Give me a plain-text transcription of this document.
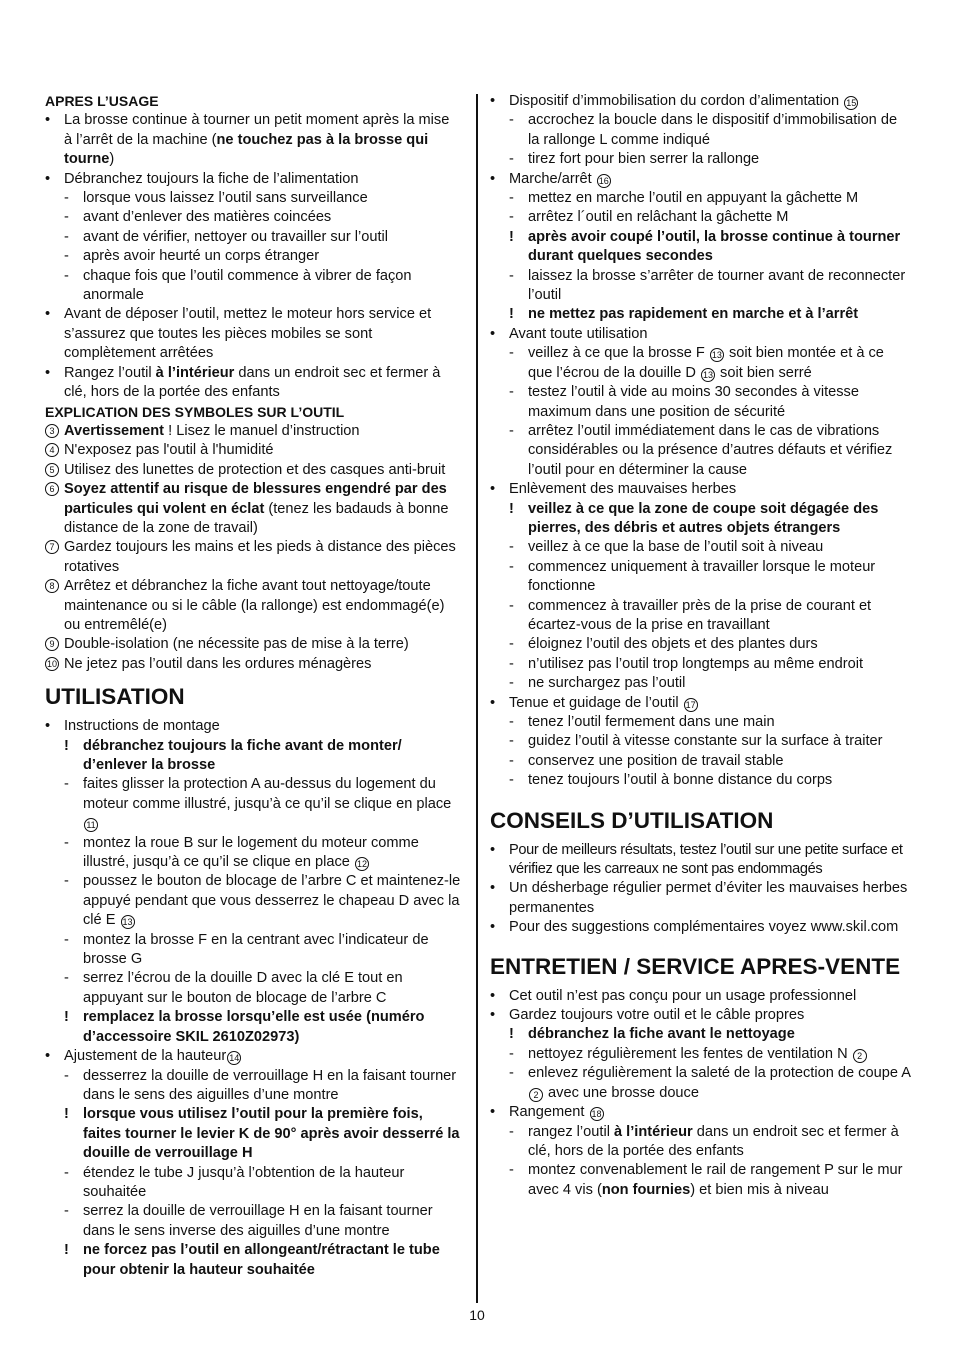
APRES L’USAGE
• La brosse continue à tourner un petit moment après la mise à l’arrêt de la machine (ne touchez pas à la brosse qui tourne)
• Débranchez toujours la fiche de l’alimentation
- lorsque vous laissez l’outil sans surveillance
- avant d’enlever des matières coincées
- avant de vérifier, nettoyer ou travailler sur l’outil
- après avoir heurté un corps étranger
- chaque fois que l’outil commence à vibrer de façon anormale
• Avant de déposer l’outil, mettez le moteur hors service et s’assurez que toutes les pièces mobiles se sont complètement arrêtées
• Rangez l’outil à l’intérieur dans un endroit sec et fermer à clé, hors de la portée des enfants
EXPLICATION DES SYMBOLES SUR L’OUTIL
3 Avertissement ! Lisez le manuel d’instruction
4 N'exposez pas l'outil à l'humidité
5 Utilisez des lunettes de protection et des casques anti-bruit
6 Soyez attentif au risque de blessures engendré par des particules qui volent en éclat (tenez les badauds à bonne distance de la zone de travail)
7 Gardez toujours les mains et les pieds à distance des pièces rotatives
8 Arrêtez et débranchez la fiche avant tout nettoyage/toute maintenance ou si le câble (la rallonge) est endommagé(e) ou entremêlé(e)
9 Double-isolation (ne nécessite pas de mise à la terre)
10 Ne jetez pas l’outil dans les ordures ménagères
UTILISATION
• Instructions de montage
! débranchez toujours la fiche avant de monter/ d’enlever la brosse
- faites glisser la protection A au-dessus du logement du moteur comme illustré, jusqu’à ce qu’il se clique en place 11
- montez la roue B sur le logement du moteur comme illustré, jusqu’à ce qu’il se clique en place 12
- poussez le bouton de blocage de l’arbre C et maintenez-le appuyé pendant que vous desserrez le chapeau D avec la clé E 13
- montez la brosse F en la centrant avec l’indicateur de brosse G
- serrez l’écrou de la douille D avec la clé E tout en appuyant sur le bouton de blocage de l’arbre C
! remplacez la brosse lorsqu’elle est usée (numéro d’accessoire SKIL 2610Z02973)
• Ajustement de la hauteur 14
- desserrez la douille de verrouillage H en la faisant tourner dans le sens des aiguilles d’une montre
! lorsque vous utilisez l’outil pour la première fois, faites tourner le levier K de 90° après avoir desserré la douille de verrouillage H
- étendez le tube J jusqu’à l’obtention de la hauteur souhaitée
- serrez la douille de verrouillage H en la faisant tourner dans le sens inverse des aiguilles d’une montre
! ne forcez pas l’outil en allongeant/rétractant le tube pour obtenir la hauteur souhaitée
• Dispositif d’immobilisation du cordon d’alimentation 15
- accrochez la boucle dans le dispositif d’immobilisation de la rallonge L comme indiqué
- tirez fort pour bien serrer la rallonge
• Marche/arrêt 16
- mettez en marche l’outil en appuyant la gâchette M
- arrêtez l´outil en relâchant la gâchette M
! après avoir coupé l’outil, la brosse continue à tourner durant quelques secondes
- laissez la brosse s’arrêter de tourner avant de reconnecter l’outil
! ne mettez pas rapidement en marche et à l’arrêt
• Avant toute utilisation
- veillez à ce que la brosse F 13 soit bien montée et à ce que l’écrou de la douille D 13 soit bien serré
- testez l’outil à vide au moins 30 secondes à vitesse maximum dans une position de sécurité
- arrêtez l’outil immédiatement dans le cas de vibrations considérables ou la présence d’autres défauts et vérifiez l’outil pour en déterminer la cause
• Enlèvement des mauvaises herbes
! veillez à ce que la zone de coupe soit dégagée des pierres, des débris et autres objets étrangers
- veillez à ce que la base de l’outil soit à niveau
- commencez uniquement à travailler lorsque le moteur fonctionne
- commencez à travailler près de la prise de courant et écartez-vous de la prise en travaillant
- éloignez l’outil des objets et des plantes durs
- n’utilisez pas l’outil trop longtemps au même endroit
- ne surchargez pas l’outil
• Tenue et guidage de l’outil 17
- tenez l’outil fermement dans une main
- guidez l’outil à vitesse constante sur la surface à traiter
- conservez une position de travail stable
- tenez toujours l’outil à bonne distance du corps
CONSEILS D’UTILISATION
• Pour de meilleurs résultats, testez l’outil sur une petite surface et vérifiez que les carreaux ne sont pas endommagés
• Un désherbage régulier permet d’éviter les mauvaises herbes permanentes
• Pour des suggestions complémentaires voyez www.skil.com
ENTRETIEN / SERVICE APRES-VENTE
• Cet outil n’est pas conçu pour un usage professionnel
• Gardez toujours votre outil et le câble propres
! débranchez la fiche avant le nettoyage
- nettoyez régulièrement les fentes de ventilation N 2
- enlevez régulièrement la saleté de la protection de coupe A 2 avec une brosse douce
• Rangement 18
- rangez l’outil à l’intérieur dans un endroit sec et fermer à clé, hors de la portée des enfants
- montez convenablement le rail de rangement P sur le mur avec 4 vis (non fournies) et bien mis à niveau
10
